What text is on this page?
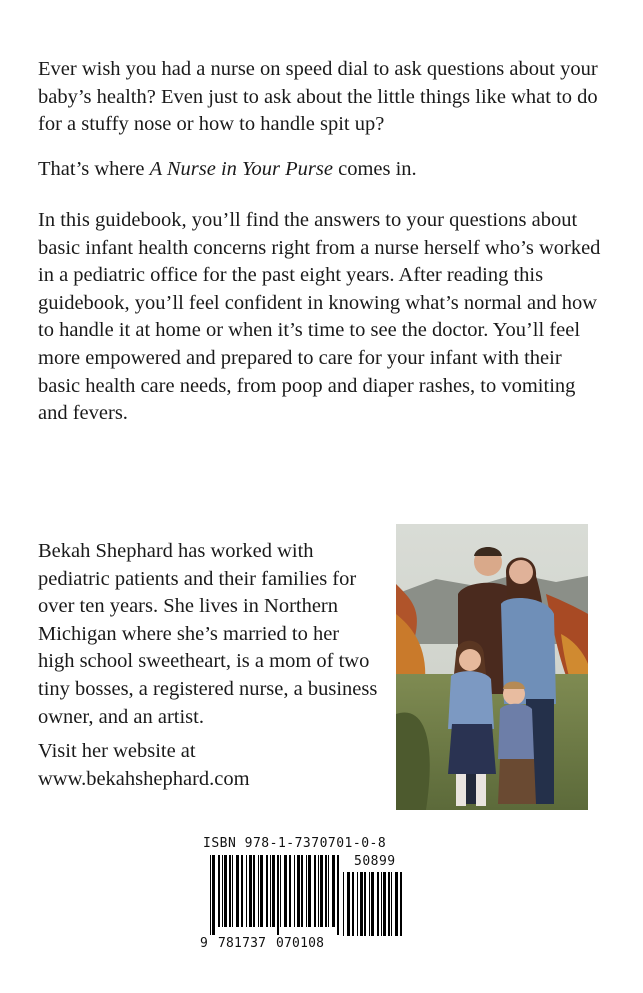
Ever wish you had a nurse on speed dial to ask questions about your baby’s health? Even just to ask about the little things like what to do for a stuffy nose or how to handle spit up?

That’s where A Nurse in Your Purse comes in.

In this guidebook, you’ll find the answers to your questions about basic infant health concerns right from a nurse herself who’s worked in a pediatric office for the past eight years. After reading this guidebook, you’ll feel confident in knowing what’s normal and how to handle it at home or when it’s time to see the doctor. You’ll feel more empowered and prepared to care for your infant with their basic health care needs, from poop and diaper rashes, to vomiting and fevers.

Bekah Shephard has worked with pediatric patients and their families for over ten years. She lives in Northern Michigan where she’s married to her high school sweetheart, is a mom of two tiny bosses, a registered nurse, a business owner, and an artist.

Visit her website at
www.bekahshephard.com

ISBN 978-1-7370701-0-8
50899
9 781737 070108
